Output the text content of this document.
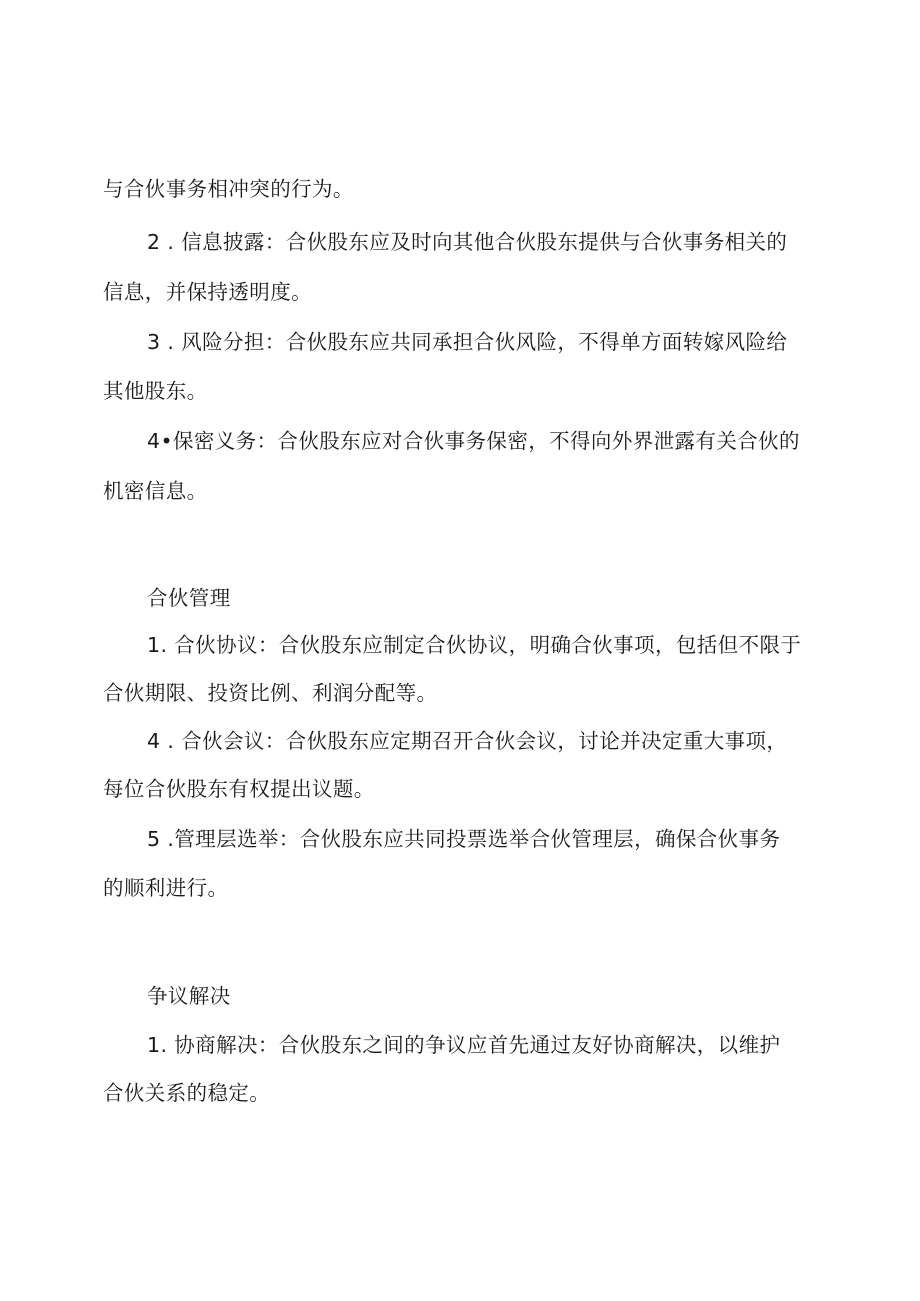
与合伙事务相冲突的行为。
2 . 信息披露：合伙股东应及时向其他合伙股东提供与合伙事务相关的
信息，并保持透明度。
3 . 风险分担：合伙股东应共同承担合伙风险，不得单方面转嫁风险给
其他股东。
4•保密义务：合伙股东应对合伙事务保密，不得向外界泄露有关合伙的
机密信息。
合伙管理
1. 合伙协议：合伙股东应制定合伙协议，明确合伙事项，包括但不限于
合伙期限、投资比例、利润分配等。
4 . 合伙会议：合伙股东应定期召开合伙会议，讨论并决定重大事项，
每位合伙股东有权提出议题。
5 .管理层选举：合伙股东应共同投票选举合伙管理层，确保合伙事务
的顺利进行。
争议解决
1. 协商解决：合伙股东之间的争议应首先通过友好协商解决，以维护
合伙关系的稳定。
